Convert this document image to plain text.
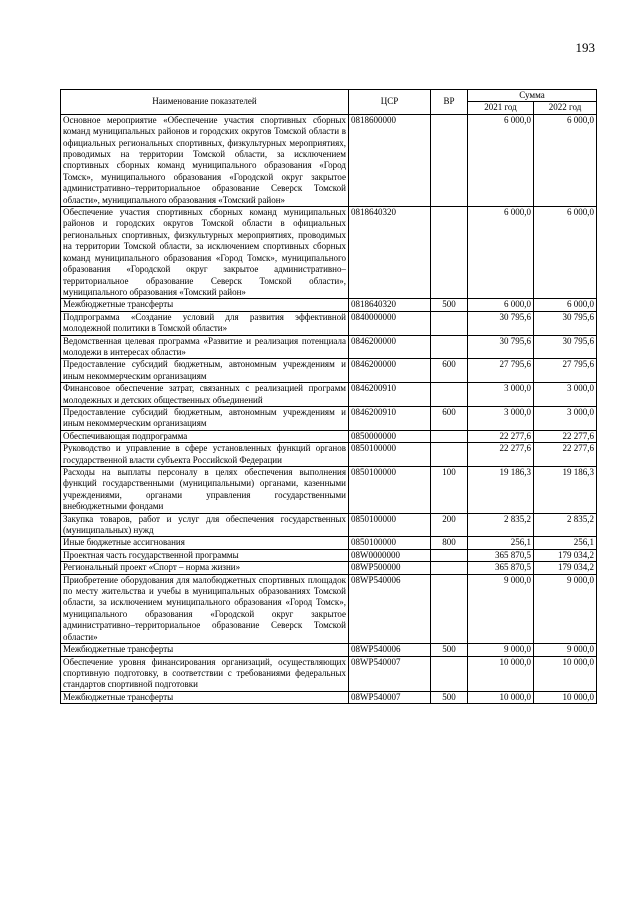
193
Наименование показателей	ЦСР	ВР	Сумма	
			2021 год	2022 год
Основное мероприятие «Обеспечение участия спортивных сборных команд муниципальных районов и городских округов Томской области в официальных региональных спортивных, физкультурных мероприятиях, проводимых на территории Томской области, за исключением спортивных сборных команд муниципального образования «Город Томск», муниципального образования «Городской округ закрытое административно–территориальное образование Северск Томской области», муниципального образования «Томский район»	0818600000		6 000,0	6 000,0
Обеспечение участия спортивных сборных команд муниципальных районов и городских округов Томской области в официальных региональных спортивных, физкультурных мероприятиях, проводимых на территории Томской области, за исключением спортивных сборных команд муниципального образования «Город Томск», муниципального образования «Городской округ закрытое административно–территориальное образование Северск Томской области», муниципального образования «Томский район»	0818640320		6 000,0	6 000,0
Межбюджетные трансферты	0818640320	500	6 000,0	6 000,0
Подпрограмма «Создание условий для развития эффективной молодежной политики в Томской области»	0840000000		30 795,6	30 795,6
Ведомственная целевая программа «Развитие и реализация потенциала молодежи в интересах области»	0846200000		30 795,6	30 795,6
Предоставление субсидий бюджетным, автономным учреждениям и иным некоммерческим организациям	0846200000	600	27 795,6	27 795,6
Финансовое обеспечение затрат, связанных с реализацией программ молодежных и детских общественных объединений	0846200910		3 000,0	3 000,0
Предоставление субсидий бюджетным, автономным учреждениям и иным некоммерческим организациям	0846200910	600	3 000,0	3 000,0
Обеспечивающая подпрограмма	0850000000		22 277,6	22 277,6
Руководство и управление в сфере установленных функций органов государственной власти субъекта Российской Федерации	0850100000		22 277,6	22 277,6
Расходы на выплаты персоналу в целях обеспечения выполнения функций государственными (муниципальными) органами, казенными учреждениями, органами управления государственными внебюджетными фондами	0850100000	100	19 186,3	19 186,3
Закупка товаров, работ и услуг для обеспечения государственных (муниципальных) нужд	0850100000	200	2 835,2	2 835,2
Иные бюджетные ассигнования	0850100000	800	256,1	256,1
Проектная часть государственной программы	08W0000000		365 870,5	179 034,2
Региональный проект «Спорт – норма жизни»	08WP500000		365 870,5	179 034,2
Приобретение оборудования для малобюджетных спортивных площадок по месту жительства и учебы в муниципальных образованиях Томской области, за исключением муниципального образования «Город Томск», муниципального образования «Городской округ закрытое административно–территориальное образование Северск Томской области»	08WP540006		9 000,0	9 000,0
Межбюджетные трансферты	08WP540006	500	9 000,0	9 000,0
Обеспечение уровня финансирования организаций, осуществляющих спортивную подготовку, в соответствии с требованиями федеральных стандартов спортивной подготовки	08WP540007		10 000,0	10 000,0
Межбюджетные трансферты	08WP540007	500	10 000,0	10 000,0
